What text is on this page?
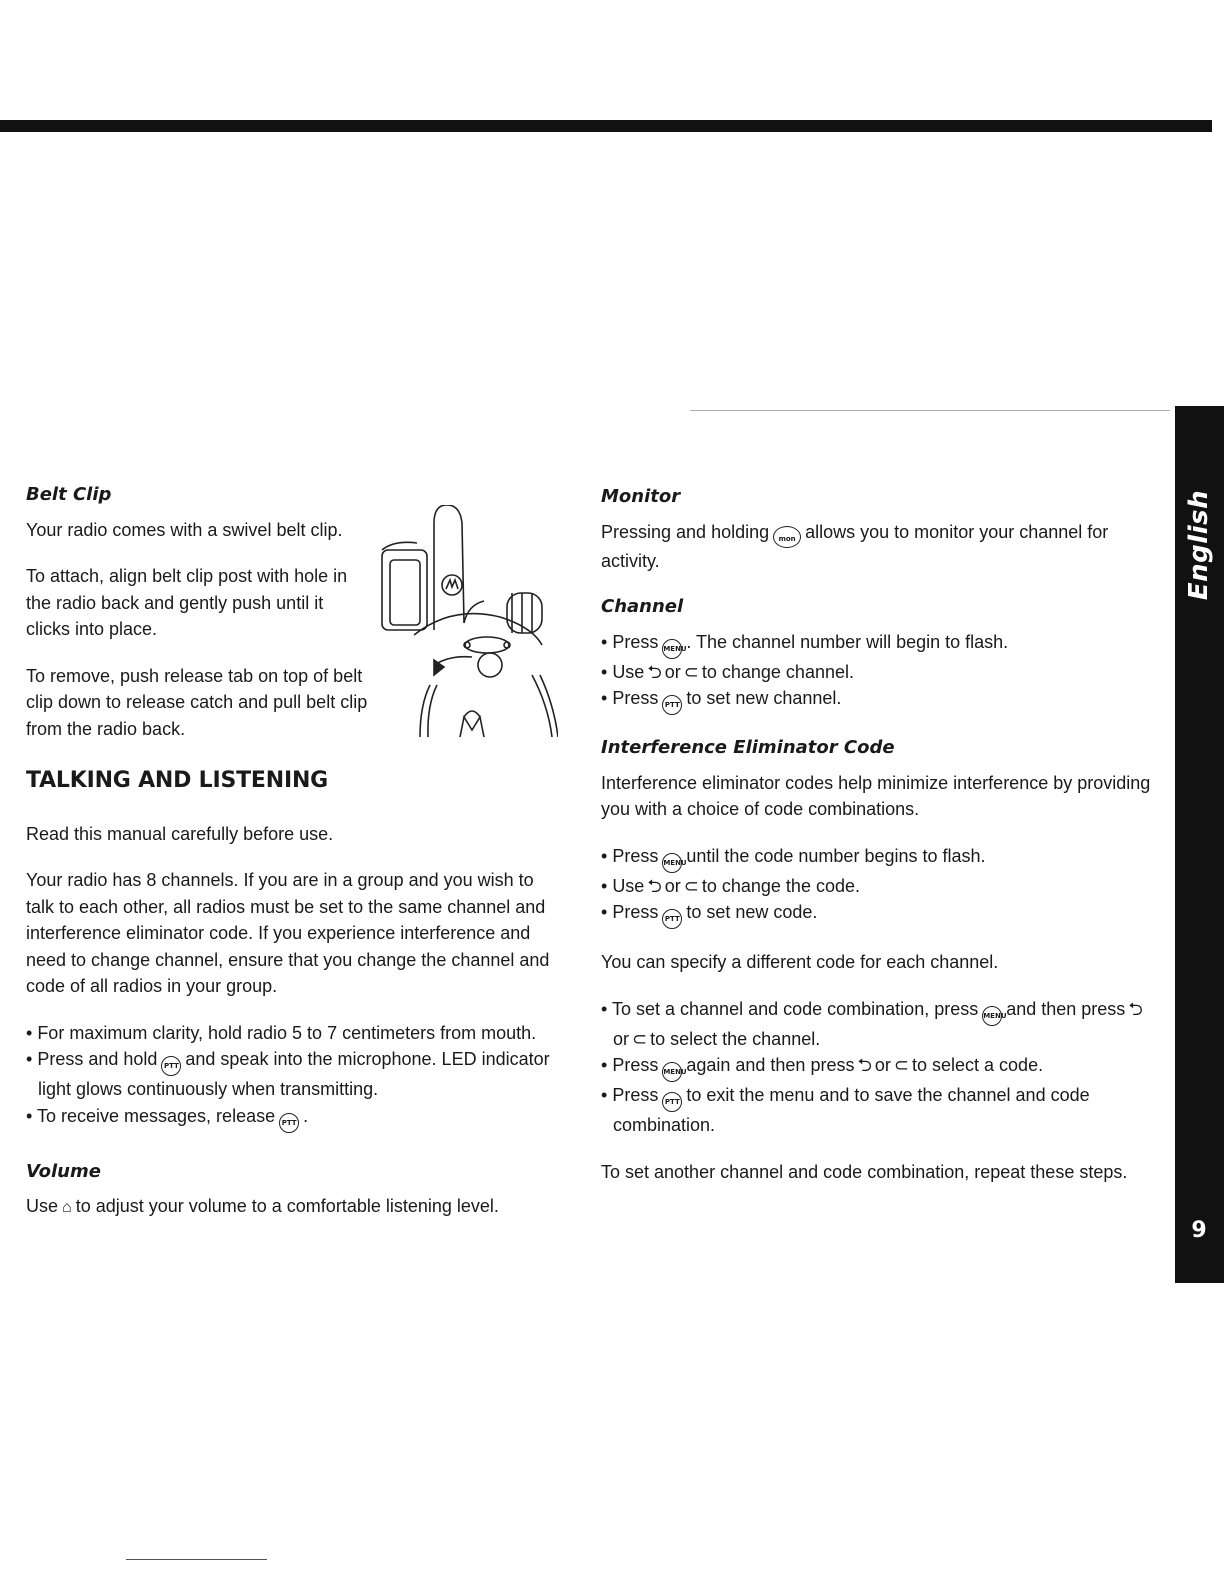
English
9

Belt Clip

Your radio comes with a swivel belt clip.

To attach, align belt clip post with hole in the radio back and gently push until it clicks into place.

To remove, push release tab on top of belt clip down to release catch and pull belt clip from the radio back.

TALKING AND LISTENING

Read this manual carefully before use.

Your radio has 8 channels. If you are in a group and you wish to talk to each other, all radios must be set to the same channel and interference eliminator code. If you experience interference and need to change channel, ensure that you change the channel and code of all radios in your group.

• For maximum clarity, hold radio 5 to 7 centimeters from mouth.
• Press and hold PTT and speak into the microphone. LED indicator light glows continuously when transmitting.
• To receive messages, release PTT .

Volume

Use ⌂ to adjust your volume to a comfortable listening level.

Monitor

Pressing and holding mon allows you to monitor your channel for activity.

Channel

• Press MENU. The channel number will begin to flash.
• Use ⮌ or ⊂ to change channel.
• Press PTT to set new channel.

Interference Eliminator Code

Interference eliminator codes help minimize interference by providing you with a choice of code combinations.

• Press MENUuntil the code number begins to flash.
• Use ⮌ or ⊂ to change the code.
• Press PTT to set new code.

You can specify a different code for each channel.

• To set a channel and code combination, press MENUand then press ⮌or ⊂ to select the channel.
• Press MENUagain and then press ⮌ or ⊂ to select a code.
• Press PTT to exit the menu and to save the channel and code combination.

To set another channel and code combination, repeat these steps.
